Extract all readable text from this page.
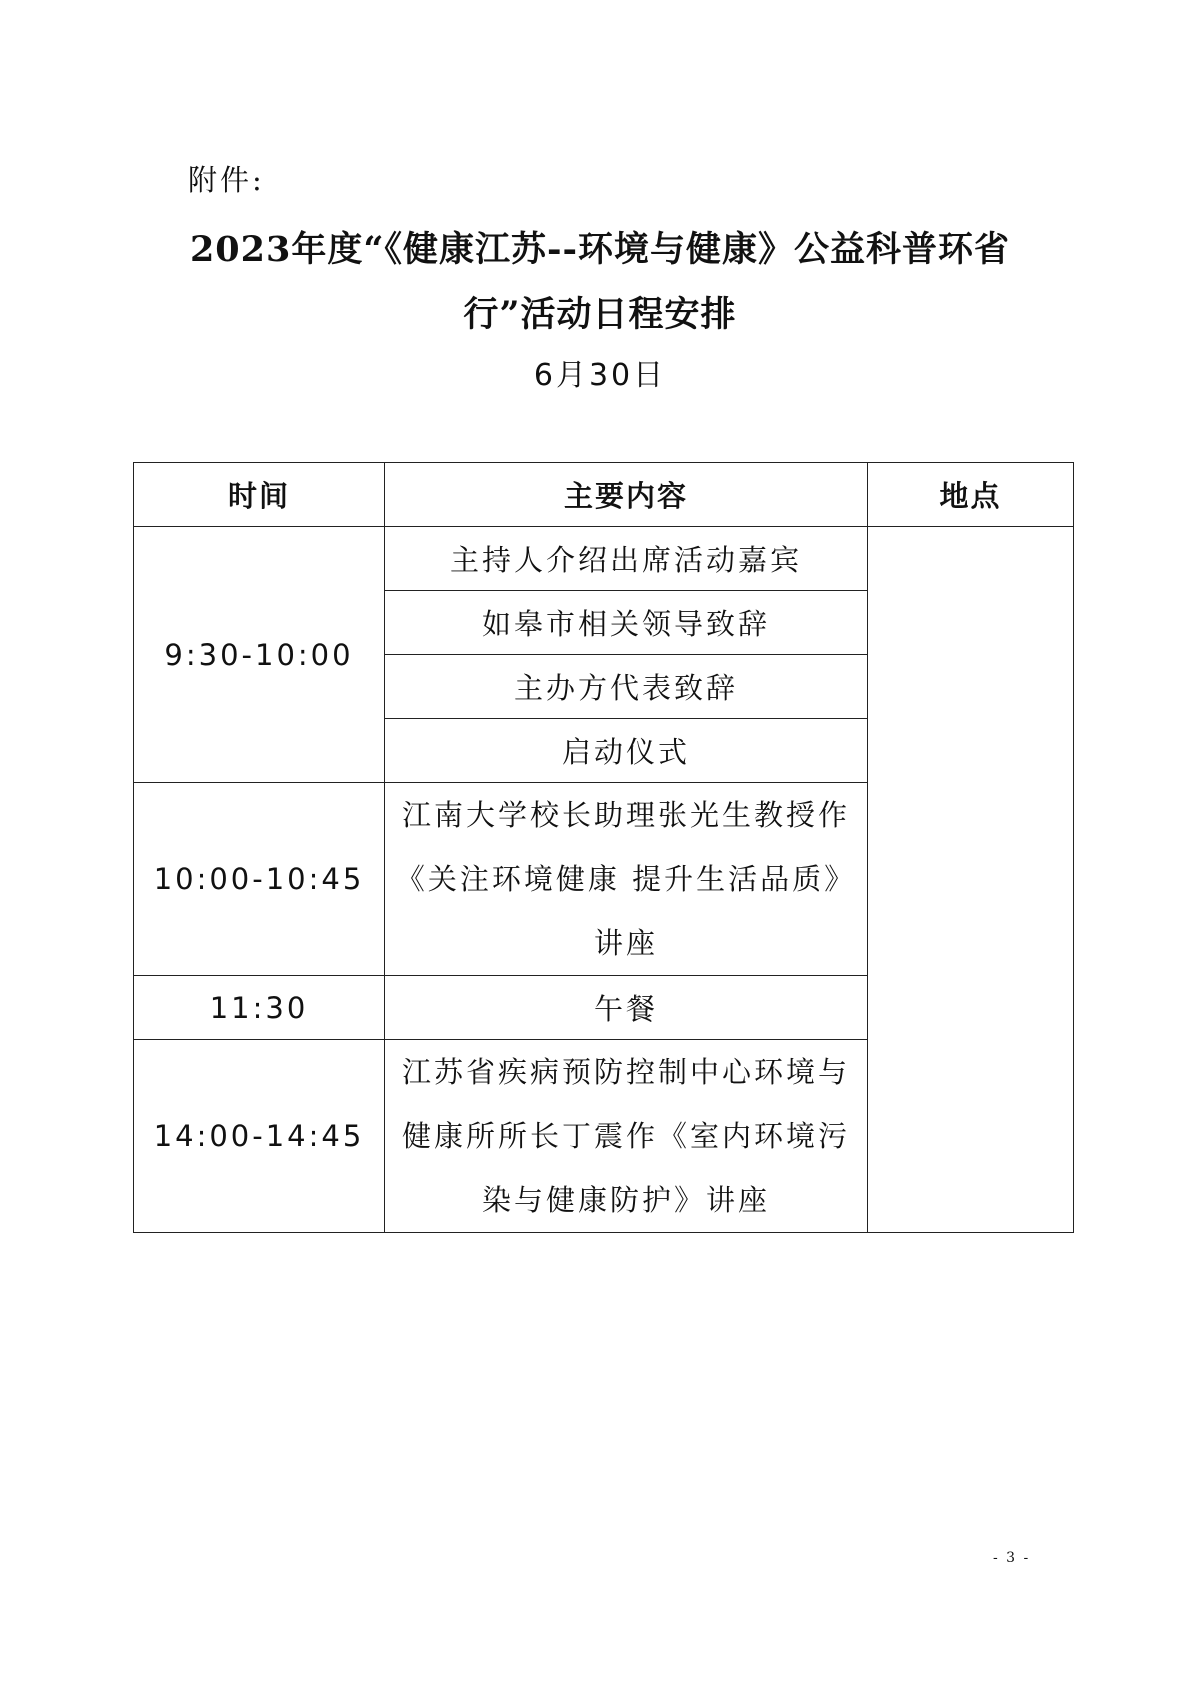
附件:
2023年度“《健康江苏--环境与健康》公益科普环省
行”活动日程安排
6月30日
时间	主要内容	地点	
9:30-10:00	主持人介绍出席活动嘉宾		
	如皋市相关领导致辞		
	主办方代表致辞		
	启动仪式		
10:00-10:45	江南大学校长助理张光生教授作
《关注环境健康 提升生活品质》
讲座		

11:30	午餐		
14:00-14:45	江苏省疾病预防控制中心环境与
健康所所长丁震作《室内环境污
染与健康防护》讲座		

- 3 -
